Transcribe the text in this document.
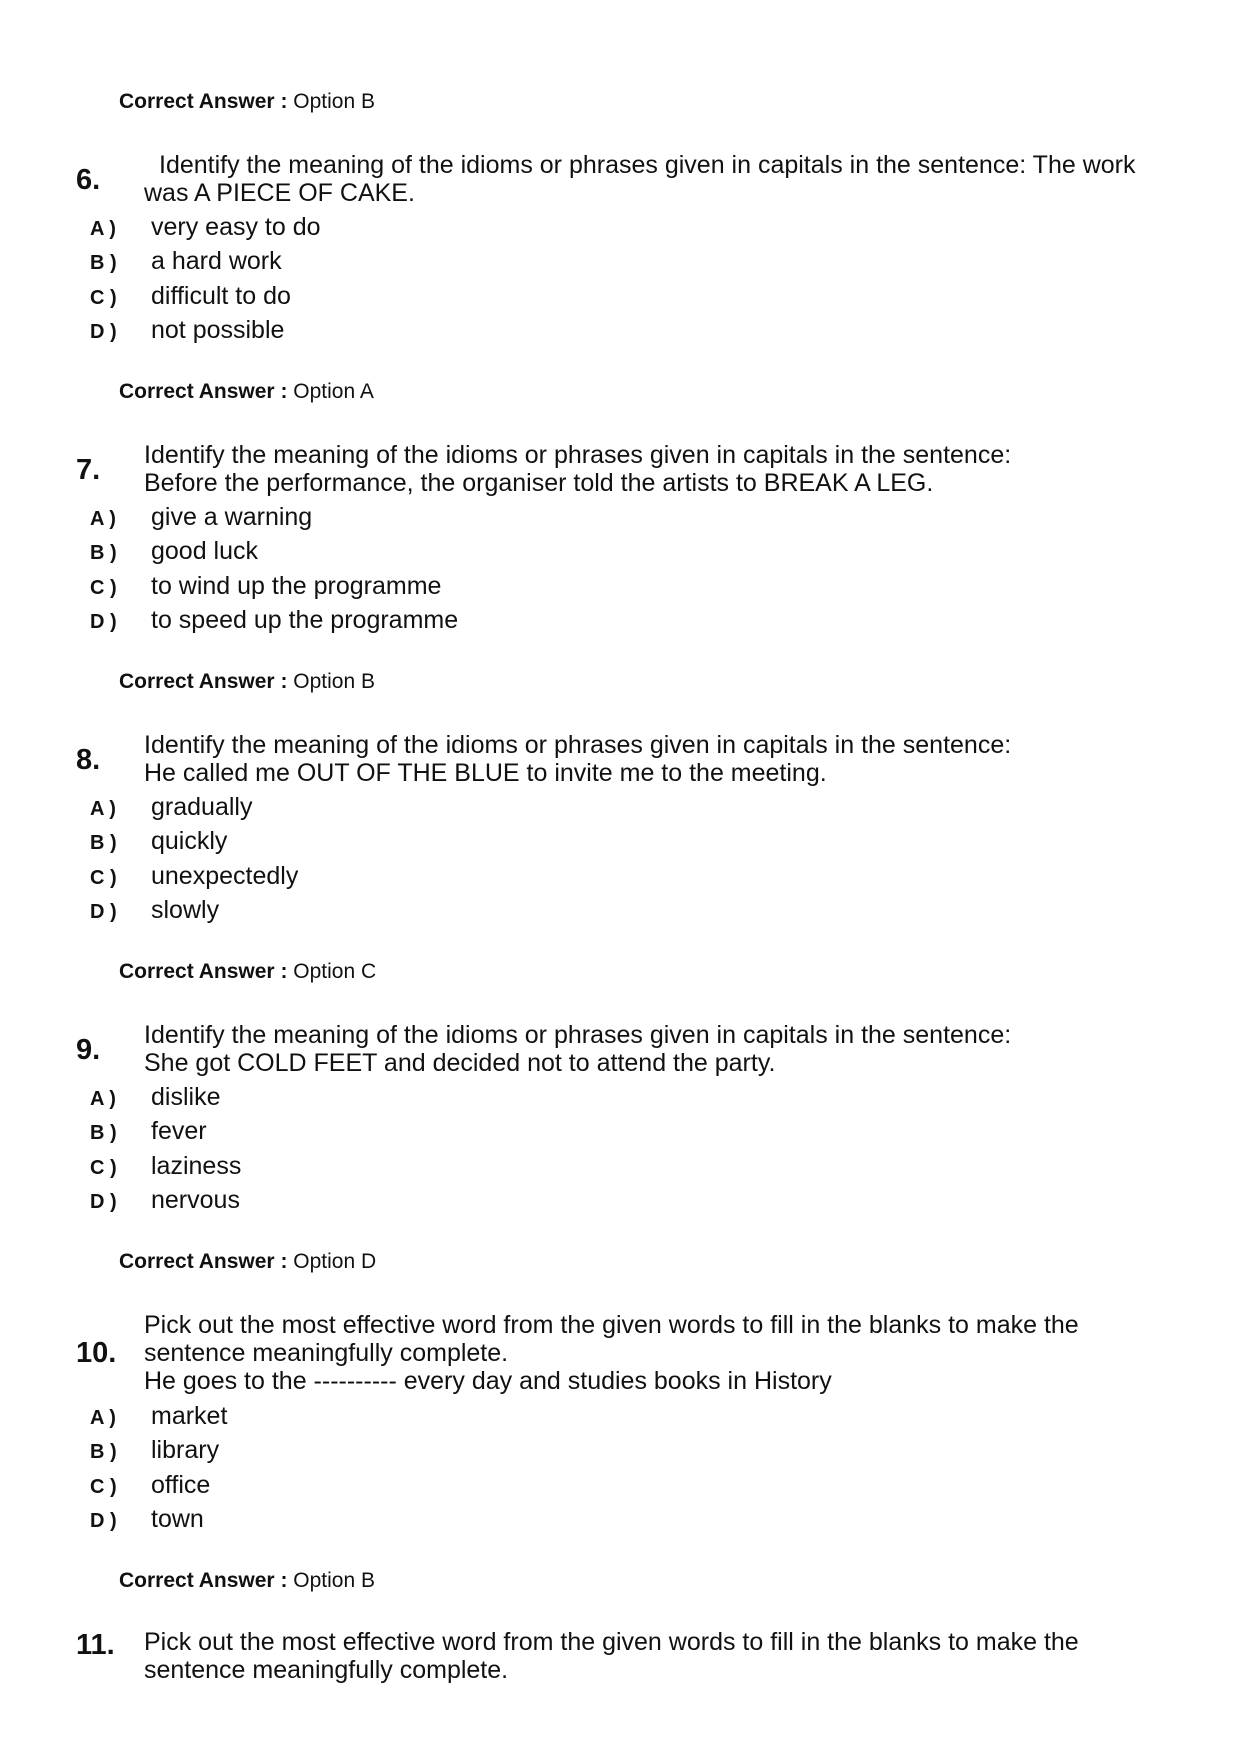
Correct Answer : Option B
6.	Identify the meaning of the idioms or phrases given in capitals in the sentence: The work
was A PIECE OF CAKE.
A ) very easy to do
B ) a hard work
C ) difficult to do
D ) not possible
Correct Answer : Option A
7. Identify the meaning of the idioms or phrases given in capitals in the sentence:
Before the performance, the organiser told the artists to BREAK A LEG.
A ) give a warning
B ) good luck
C ) to wind up the programme
D ) to speed up the programme
Correct Answer : Option B
8. Identify the meaning of the idioms or phrases given in capitals in the sentence:
He called me OUT OF THE BLUE to invite me to the meeting.
A ) gradually
B ) quickly
C ) unexpectedly
D ) slowly
Correct Answer : Option C
9. Identify the meaning of the idioms or phrases given in capitals in the sentence:
She got COLD FEET and decided not to attend the party.
A ) dislike
B ) fever
C ) laziness
D ) nervous
Correct Answer : Option D
10.
Pick out the most effective word from the given words to fill in the blanks to make the
sentence meaningfully complete.
He goes to the ---------- every day and studies books in History
A ) market
B ) library
C ) office
D ) town
Correct Answer : Option B
11. Pick out the most effective word from the given words to fill in the blanks to make the
sentence meaningfully complete.
